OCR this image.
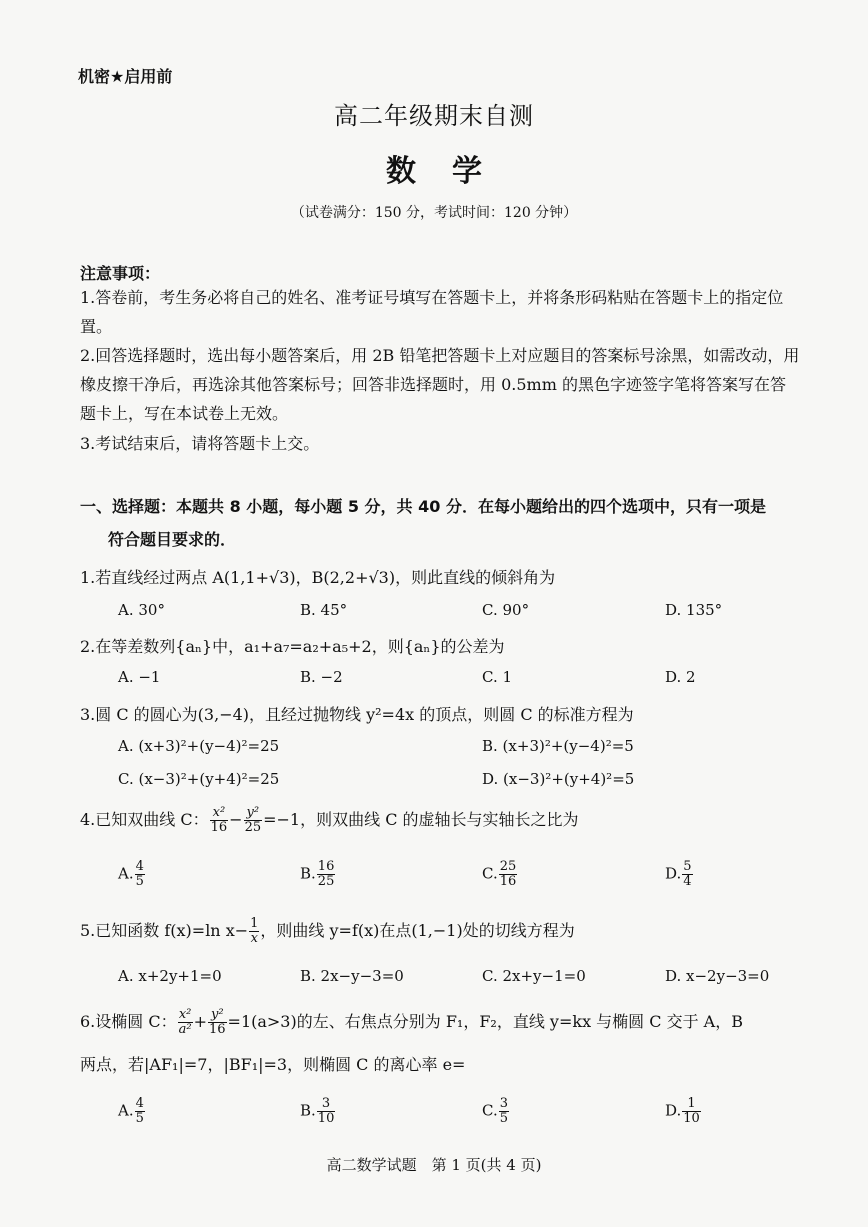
机密★启用前
高二年级期末自测
数学
（试卷满分：150 分，考试时间：120 分钟）
注意事项：
1.答卷前，考生务必将自己的姓名、准考证号填写在答题卡上，并将条形码粘贴在答题卡上的指定位置。
2.回答选择题时，选出每小题答案后，用 2B 铅笔把答题卡上对应题目的答案标号涂黑，如需改动，用橡皮擦干净后，再选涂其他答案标号；回答非选择题时，用 0.5mm 的黑色字迹签字笔将答案写在答题卡上，写在本试卷上无效。
3.考试结束后，请将答题卡上交。
一、选择题：本题共 8 小题，每小题 5 分，共 40 分．在每小题给出的四个选项中，只有一项是
符合题目要求的．
1.若直线经过两点 A(1,1+√3)，B(2,2+√3)，则此直线的倾斜角为
A. 30°	B. 45°	C. 90°	D. 135°
2.在等差数列{aₙ}中，a₁+a₇=a₂+a₅+2，则{aₙ}的公差为
A. −1	B. −2	C. 1	D. 2
3.圆 C 的圆心为(3,−4)，且经过抛物线 y²=4x 的顶点，则圆 C 的标准方程为
A. (x+3)²+(y−4)²=25	B. (x+3)²+(y−4)²=5
C. (x−3)²+(y+4)²=25	D. (x−3)²+(y+4)²=5
4.已知双曲线 C： $\frac{\text{x²}}{16} - \frac{\text{y²}}{25} =-1$，则双曲线 C 的虚轴长与实轴长之比为
A. $\frac{4}{5}$	B. $\frac{16}{25}$	C. $\frac{25}{16}$	D. $\frac{5}{4}$
5.已知函数 f(x)=ln $x- \frac{1}{x}$ ，则曲线 y=f(x)在点(1,−1)处的切线方程为
A. x+2y+1=0	B. 2x−y−3=0	C. 2x+y−1=0	D. x−2y−3=0
6.设椭圆 C： $\frac{\text{x²}}{\text{a²}} + \frac{\text{y²}}{16} =1(a>3)$的左、右焦点分别为 F₁，F₂，直线 y=kx 与椭圆 C 交于 A，B
两点，若|AF₁|=7，|BF₁|=3，则椭圆 C 的离心率 e=
A. $\frac{4}{5}$	B. $\frac{3}{10}$	C. $\frac{3}{5}$	D. $\frac{1}{10}$
高二数学试题　第 1 页(共 4 页)
